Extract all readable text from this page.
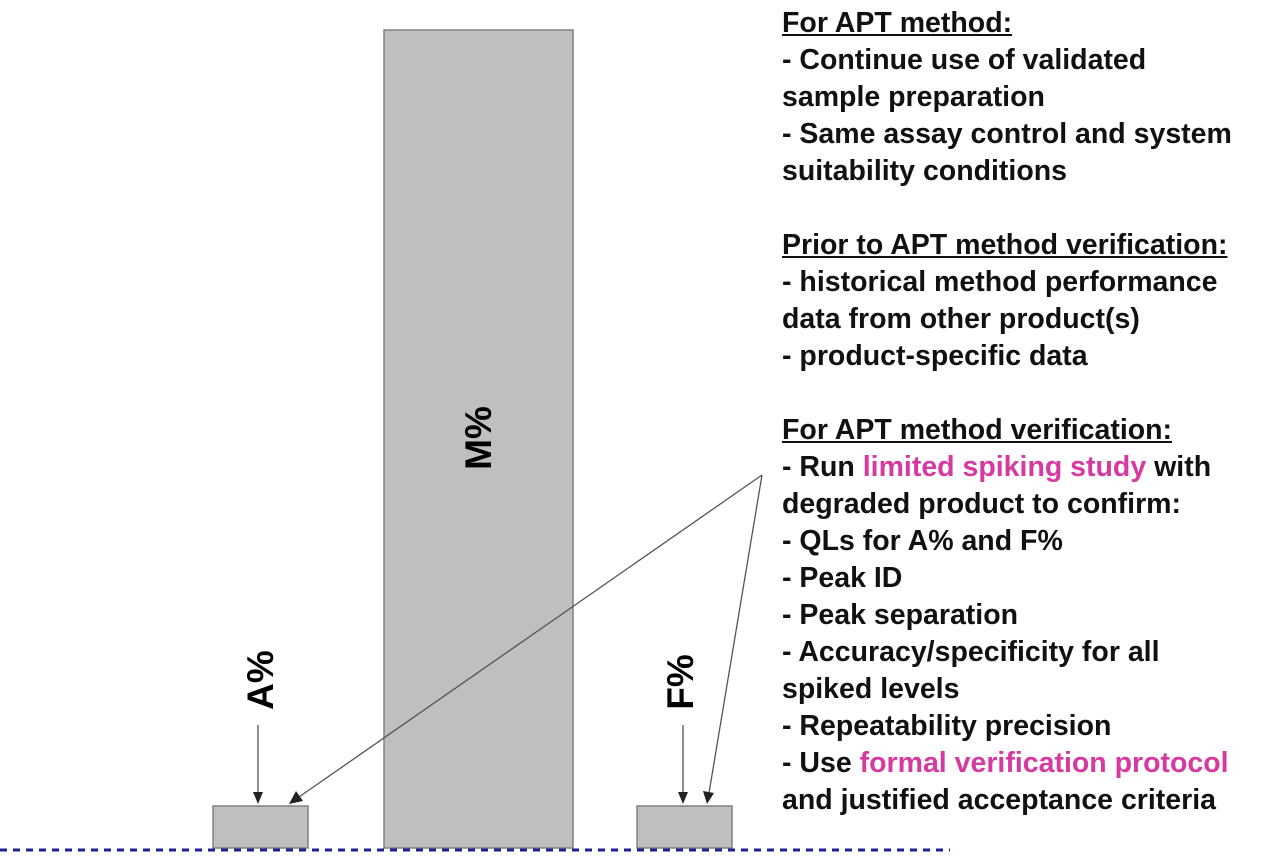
M%
A%	F%
For APT method:
- Continue use of validated
sample preparation
- Same assay control and system
suitability conditions
Prior to APT method verification:
- historical method performance
data from other product(s)
- product-specific data
For APT method verification:
- Run limited spiking study with
degraded product to confirm:
- QLs for A% and F%
- Peak ID
- Peak separation
- Accuracy/specificity for all
spiked levels
- Repeatability precision
- Use formal verification protocol
and justified acceptance criteria
